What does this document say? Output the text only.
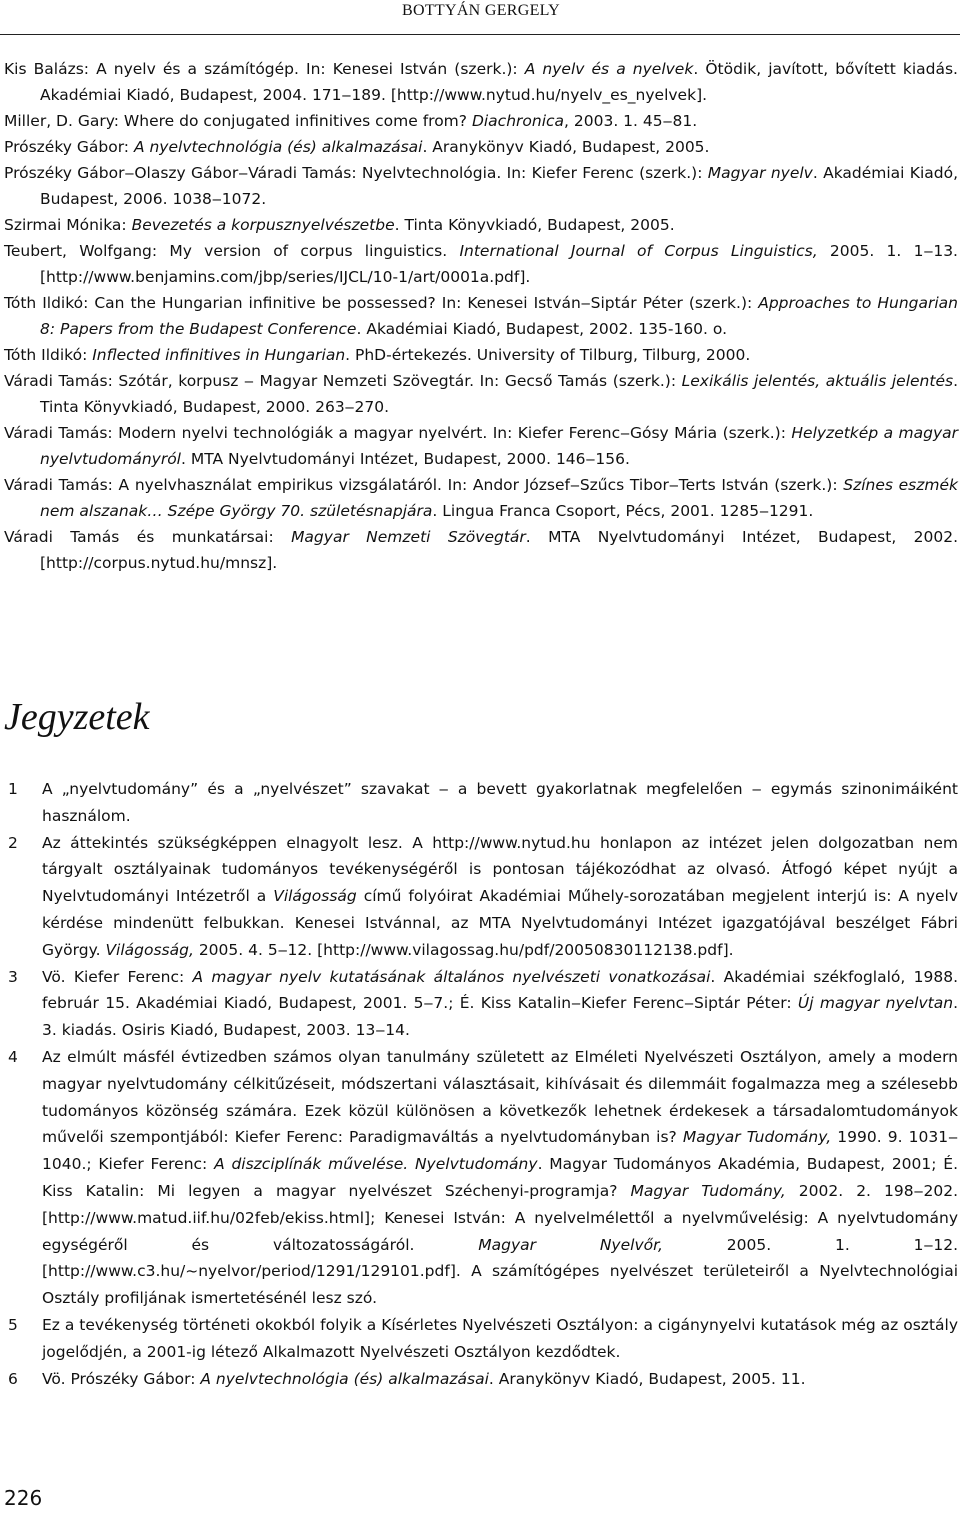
BOTTYÁN GERGELY

Kis Balázs: A nyelv és a számítógép. In: Kenesei István (szerk.): A nyelv és a nyelvek. Ötödik, javított, bővített kiadás. Akadémiai Kiadó, Budapest, 2004. 171‒189. [http://www.nytud.hu/nyelv_es_nyelvek].

Miller, D. Gary: Where do conjugated infinitives come from? Diachronica, 2003. 1. 45‒81.

Prószéky Gábor: A nyelvtechnológia (és) alkalmazásai. Aranykönyv Kiadó, Budapest, 2005.

Prószéky Gábor‒Olaszy Gábor‒Váradi Tamás: Nyelvtechnológia. In: Kiefer Ferenc (szerk.): Magyar nyelv. Akadémiai Kiadó, Budapest, 2006. 1038‒1072.

Szirmai Mónika: Bevezetés a korpusznyelvészetbe. Tinta Könyvkiadó, Budapest, 2005.

Teubert, Wolfgang: My version of corpus linguistics. International Journal of Corpus Linguistics, 2005. 1. 1‒13. [http://www.benjamins.com/jbp/series/IJCL/10-1/art/0001a.pdf].

Tóth Ildikó: Can the Hungarian infinitive be possessed? In: Kenesei István‒Siptár Péter (szerk.): Approaches to Hungarian 8: Papers from the Budapest Conference. Akadémiai Kiadó, Budapest, 2002. 135-160. o.

Tóth Ildikó: Inflected infinitives in Hungarian. PhD-értekezés. University of Tilburg, Tilburg, 2000.

Váradi Tamás: Szótár, korpusz ‒ Magyar Nemzeti Szövegtár. In: Gecső Tamás (szerk.): Lexikális jelentés, aktuális jelentés. Tinta Könyvkiadó, Budapest, 2000. 263‒270.

Váradi Tamás: Modern nyelvi technológiák a magyar nyelvért. In: Kiefer Ferenc‒Gósy Mária (szerk.): Helyzetkép a magyar nyelvtudományról. MTA Nyelvtudományi Intézet, Budapest, 2000. 146‒156.

Váradi Tamás: A nyelvhasználat empirikus vizsgálatáról. In: Andor József‒Szűcs Tibor‒Terts István (szerk.): Színes eszmék nem alszanak… Szépe György 70. születésnapjára. Lingua Franca Csoport, Pécs, 2001. 1285‒1291.

Váradi Tamás és munkatársai: Magyar Nemzeti Szövegtár. MTA Nyelvtudományi Intézet, Budapest, 2002. [http://corpus.nytud.hu/mnsz].

Jegyzetek
1	A „nyelvtudomány” és a „nyelvészet” szavakat ‒ a bevett gyakorlatnak megfelelően ‒ egymás szinonimáiként használom.
2	Az áttekintés szükségképpen elnagyolt lesz. A http://www.nytud.hu honlapon az intézet jelen dolgozatban nem tárgyalt osztályainak tudományos tevékenységéről is pontosan tájékozódhat az olvasó. Átfogó képet nyújt a Nyelvtudományi Intézetről a Világosság című folyóirat Akadémiai Műhely-sorozatában megjelent interjú is: A nyelv kérdése mindenütt felbukkan. Kenesei Istvánnal, az MTA Nyelvtudományi Intézet igazgatójával beszélget Fábri György. Világosság, 2005. 4. 5‒12. [http://www.vilagossag.hu/pdf/20050830112138.pdf].
3	Vö. Kiefer Ferenc: A magyar nyelv kutatásának általános nyelvészeti vonatkozásai. Akadémiai székfoglaló, 1988. február 15. Akadémiai Kiadó, Budapest, 2001. 5‒7.; É. Kiss Katalin‒Kiefer Ferenc‒Siptár Péter: Új magyar nyelvtan. 3. kiadás. Osiris Kiadó, Budapest, 2003. 13‒14.
4	Az elmúlt másfél évtizedben számos olyan tanulmány született az Elméleti Nyelvészeti Osztályon, amely a modern magyar nyelvtudomány célkitűzéseit, módszertani választásait, kihívásait és dilemmáit fogalmazza meg a szélesebb tudományos közönség számára. Ezek közül különösen a következők lehetnek érdekesek a társadalomtudományok művelői szempontjából: Kiefer Ferenc: Paradigmaváltás a nyelvtudományban is? Magyar Tudomány, 1990. 9. 1031‒1040.; Kiefer Ferenc: A diszciplínák művelése. Nyelvtudomány. Magyar Tudományos Akadémia, Budapest, 2001; É. Kiss Katalin: Mi legyen a magyar nyelvészet Széchenyi-programja? Magyar Tudomány, 2002. 2. 198‒202. [http://www.matud.iif.hu/02feb/ekiss.html]; Kenesei István: A nyelvelmélettől a nyelvművelésig: A nyelvtudomány egységéről és változatosságáról. Magyar Nyelvőr, 2005. 1. 1‒12. [http://www.c3.hu/~nyelvor/period/1291/129101.pdf]. A számítógépes nyelvészet területeiről a Nyelvtechnológiai Osztály profiljának ismertetésénél lesz szó.
5	Ez a tevékenység történeti okokból folyik a Kísérletes Nyelvészeti Osztályon: a cigánynyelvi kutatások még az osztály jogelődjén, a 2001-ig létező Alkalmazott Nyelvészeti Osztályon kezdődtek.
6	Vö. Prószéky Gábor: A nyelvtechnológia (és) alkalmazásai. Aranykönyv Kiadó, Budapest, 2005. 11.
226
